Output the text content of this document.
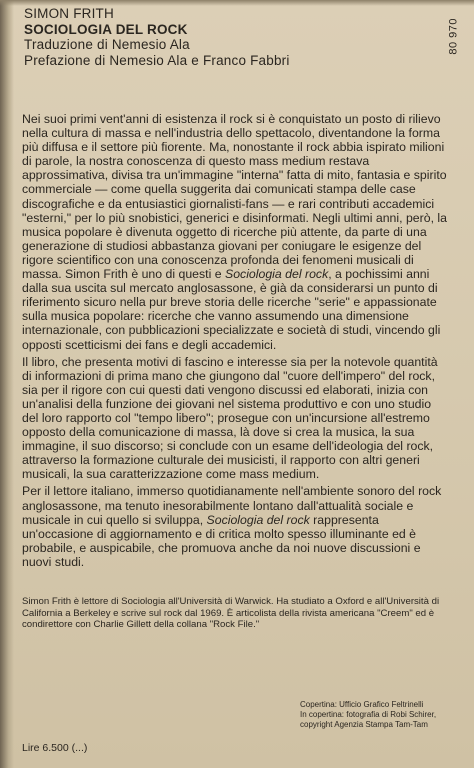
SIMON FRITH
SOCIOLOGIA DEL ROCK
Traduzione di Nemesio Ala
Prefazione di Nemesio Ala e Franco Fabbri
80 970

Nei suoi primi vent'anni di esistenza il rock si è conquistato un posto di rilievo nella cultura di massa e nell'industria dello spettacolo, diventandone la forma più diffusa e il settore più fiorente. Ma, nonostante il rock abbia ispirato milioni di parole, la nostra conoscenza di questo mass medium restava approssimativa, divisa tra un'immagine "interna" fatta di mito, fantasia e spirito commerciale — come quella suggerita dai comunicati stampa delle case discografiche e da entusiastici giornalisti-fans — e rari contributi accademici "esterni," per lo più snobistici, generici e disinformati. Negli ultimi anni, però, la musica popolare è divenuta oggetto di ricerche più attente, da parte di una generazione di studiosi abbastanza giovani per coniugare le esigenze del rigore scientifico con una conoscenza profonda dei fenomeni musicali di massa. Simon Frith è uno di questi e Sociologia del rock, a pochissimi anni dalla sua uscita sul mercato anglosassone, è già da considerarsi un punto di riferimento sicuro nella pur breve storia delle ricerche "serie" e appassionate sulla musica popolare: ricerche che vanno assumendo una dimensione internazionale, con pubblicazioni specializzate e società di studi, vincendo gli opposti scetticismi dei fans e degli accademici.

Il libro, che presenta motivi di fascino e interesse sia per la notevole quantità di informazioni di prima mano che giungono dal "cuore dell'impero" del rock, sia per il rigore con cui questi dati vengono discussi ed elaborati, inizia con un'analisi della funzione dei giovani nel sistema produttivo e con uno studio del loro rapporto col "tempo libero"; prosegue con un'incursione all'estremo opposto della comunicazione di massa, là dove si crea la musica, la sua immagine, il suo discorso; si conclude con un esame dell'ideologia del rock, attraverso la formazione culturale dei musicisti, il rapporto con altri generi musicali, la sua caratterizzazione come mass medium.

Per il lettore italiano, immerso quotidianamente nell'ambiente sonoro del rock anglosassone, ma tenuto inesorabilmente lontano dall'attualità sociale e musicale in cui quello si sviluppa, Sociologia del rock rappresenta un'occasione di aggiornamento e di critica molto spesso illuminante ed è probabile, e auspicabile, che promuova anche da noi nuove discussioni e nuovi studi.

Simon Frith è lettore di Sociologia all'Università di Warwick. Ha studiato a Oxford e all'Università di California a Berkeley e scrive sul rock dal 1969. È articolista della rivista americana "Creem" ed è condirettore con Charlie Gillett della collana "Rock File."
Copertina: Ufficio Grafico Feltrinelli
In copertina: fotografia di Robi Schirer, copyright Agenzia Stampa Tam-Tam
Lire 6.500 (...)
